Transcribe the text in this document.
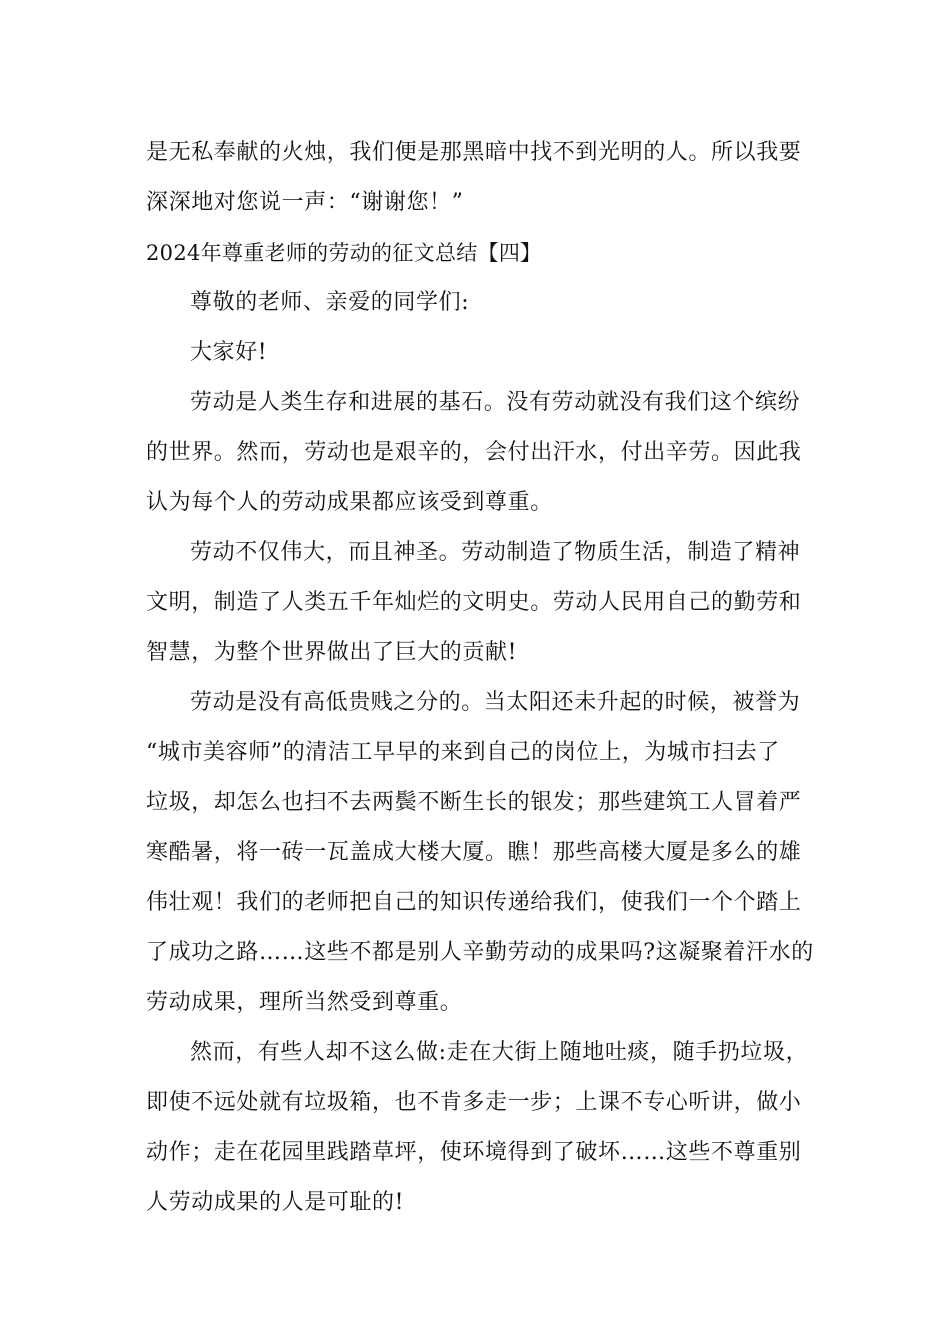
是无私奉献的火烛，我们便是那黑暗中找不到光明的人。所以我要
深深地对您说一声：“谢谢您！”
2024年尊重老师的劳动的征文总结【四】
尊敬的老师、亲爱的同学们:
大家好!
劳动是人类生存和进展的基石。没有劳动就没有我们这个缤纷
的世界。然而，劳动也是艰辛的，会付出汗水，付出辛劳。因此我
认为每个人的劳动成果都应该受到尊重。
劳动不仅伟大，而且神圣。劳动制造了物质生活，制造了精神
文明，制造了人类五千年灿烂的文明史。劳动人民用自己的勤劳和
智慧，为整个世界做出了巨大的贡献!
劳动是没有高低贵贱之分的。当太阳还未升起的时候，被誉为
“城市美容师”的清洁工早早的来到自己的岗位上，为城市扫去了
垃圾，却怎么也扫不去两鬓不断生长的银发；那些建筑工人冒着严
寒酷暑，将一砖一瓦盖成大楼大厦。瞧！那些高楼大厦是多么的雄
伟壮观！我们的老师把自己的知识传递给我们，使我们一个个踏上
了成功之路……这些不都是别人辛勤劳动的成果吗?这凝聚着汗水的
劳动成果，理所当然受到尊重。
然而，有些人却不这么做:走在大街上随地吐痰，随手扔垃圾，
即使不远处就有垃圾箱，也不肯多走一步；上课不专心听讲，做小
动作；走在花园里践踏草坪，使环境得到了破坏……这些不尊重别
人劳动成果的人是可耻的!
